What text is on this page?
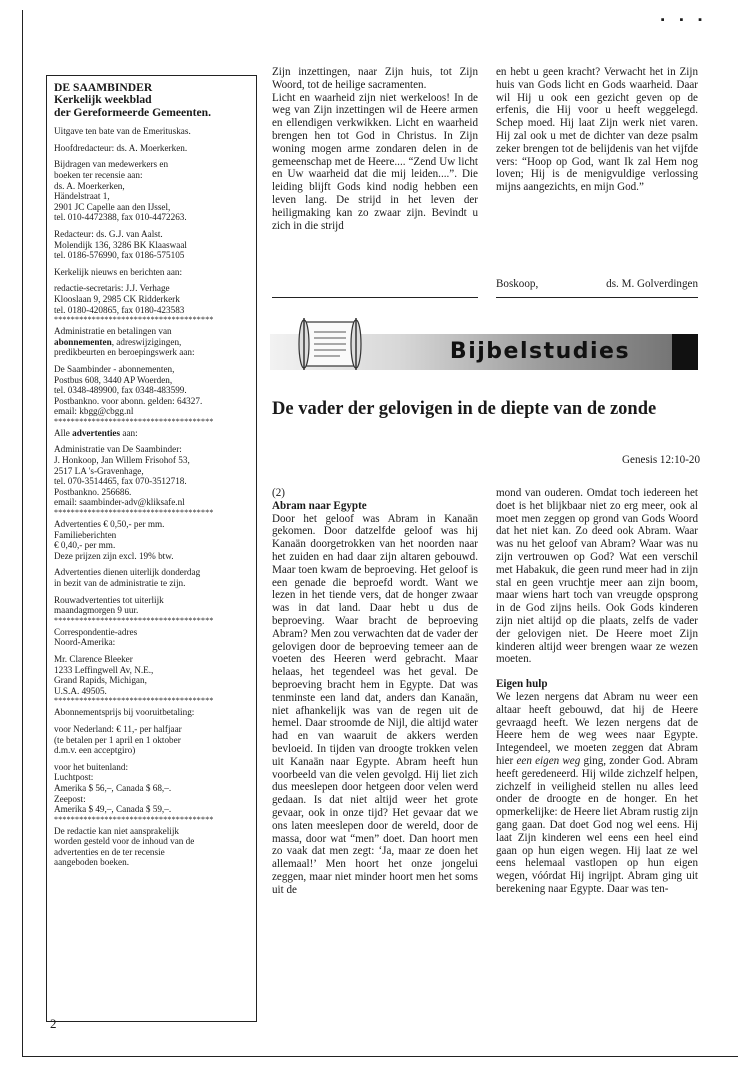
▪ ▪ ▪
DE SAAMBINDER
Kerkelijk weekblad
der Gereformeerde Gemeenten.

Uitgave ten bate van de Emerituskas.

Hoofdredacteur: ds. A. Moerkerken.

Bijdragen van medewerkers en
boeken ter recensie aan:
ds. A. Moerkerken,
Händelstraat 1,
2901 JC Capelle aan den IJssel,
tel. 010-4472388, fax 010-4472263.

Redacteur: ds. G.J. van Aalst.
Molendijk 136, 3286 BK Klaaswaal
tel. 0186-576990, fax 0186-575105

Kerkelijk nieuws en berichten aan:

redactie-secretaris: J.J. Verhage
Klooslaan 9, 2985 CK Ridderkerk
tel. 0180-420865, fax 0180-423583

**************************************

Administratie en betalingen van
abonnementen, adreswijzigingen,
predikbeurten en beroepingswerk aan:

De Saambinder - abonnementen,
Postbus 608, 3440 AP Woerden,
tel. 0348-489900, fax 0348-483599.
Postbankno. voor abonn. gelden: 64327.
email: kbgg@cbgg.nl

**************************************

Alle advertenties aan:

Administratie van De Saambinder:
J. Honkoop, Jan Willem Frisohof 53,
2517 LA 's-Gravenhage,
tel. 070-3514465, fax 070-3512718.
Postbankno. 256686.
email: saambinder-adv@kliksafe.nl

**************************************

Advertenties € 0,50,- per mm.
Familieberichten
€ 0,40,- per mm.
Deze prijzen zijn excl. 19% btw.

Advertenties dienen uiterlijk donderdag
in bezit van de administratie te zijn.

Rouwadvertenties tot uiterlijk
maandagmorgen 9 uur.

**************************************

Correspondentie-adres
Noord-Amerika:

Mr. Clarence Bleeker
1233 Leffingwell Av, N.E.,
Grand Rapids, Michigan,
U.S.A. 49505.

**************************************

Abonnementsprijs bij vooruitbetaling:

voor Nederland: € 11,- per halfjaar
(te betalen per 1 april en 1 oktober
d.m.v. een acceptgiro)

voor het buitenland:
Luchtpost:
Amerika $ 56,–, Canada $ 68,–.
Zeepost:
Amerika $ 49,–, Canada $ 59,–.

**************************************

De redactie kan niet aansprakelijk
worden gesteld voor de inhoud van de
advertenties en de ter recensie
aangeboden boeken.

Zijn inzettingen, naar Zijn huis, tot Zijn Woord, tot de heilige sacramenten.

Licht en waarheid zijn niet werkeloos! In de weg van Zijn inzettingen wil de Heere armen en ellendigen verkwikken. Licht en waarheid brengen hen tot God in Christus. In Zijn woning mogen arme zondaren delen in de gemeenschap met de Heere.... “Zend Uw licht en Uw waarheid dat die mij leiden....”. Die leiding blijft Gods kind nodig hebben een leven lang. De strijd in het leven der heiligmaking kan zo zwaar zijn. Bevindt u zich in die strijd

en hebt u geen kracht? Verwacht het in Zijn huis van Gods licht en Gods waarheid. Daar wil Hij u ook een gezicht geven op de erfenis, die Hij voor u heeft weggelegd. Schep moed. Hij laat Zijn werk niet varen. Hij zal ook u met de dichter van deze psalm zeker brengen tot de belijdenis van het vijfde vers: “Hoop op God, want Ik zal Hem nog loven; Hij is de menigvuldige verlossing mijns aangezichts, en mijn God.”

Boskoop,	ds. M. Golverdingen
Bijbelstudies
De vader der gelovigen in de diepte van de zonde
Genesis 12:10-20

(2)

Abram naar Egypte

Door het geloof was Abram in Kanaän gekomen. Door datzelfde geloof was hij Kanaän doorgetrokken van het noorden naar het zuiden en had daar zijn altaren gebouwd. Maar toen kwam de beproeving. Het geloof is een genade die beproefd wordt. Want we lezen in het tiende vers, dat de honger zwaar was in dat land. Daar hebt u dus de beproeving. Waar bracht de beproeving Abram? Men zou verwachten dat de vader der gelovigen door de beproeving temeer aan de voeten des Heeren werd gebracht. Maar helaas, het tegendeel was het geval. De beproeving bracht hem in Egypte. Dat was tenminste een land dat, anders dan Kanaän, niet afhankelijk was van de regen uit de hemel. Daar stroomde de Nijl, die altijd water had en van waaruit de akkers werden bevloeid. In tijden van droogte trokken velen uit Kanaän naar Egypte. Abram heeft hun voorbeeld van die velen gevolgd. Hij liet zich dus meeslepen door hetgeen door velen werd gedaan. Is dat niet altijd weer het grote gevaar, ook in onze tijd? Het gevaar dat we ons laten meeslepen door de wereld, door de massa, door wat “men” doet. Dan hoort men zo vaak dat men zegt: ‘Ja, maar ze doen het allemaal!’ Men hoort het onze jongelui zeggen, maar niet minder hoort men het soms uit de

mond van ouderen. Omdat toch iedereen het doet is het blijkbaar niet zo erg meer, ook al moet men zeggen op grond van Gods Woord dat het niet kan. Zo deed ook Abram. Waar was nu het geloof van Abram? Waar was nu zijn vertrouwen op God? Wat een verschil met Habakuk, die geen rund meer had in zijn stal en geen vruchtje meer aan zijn boom, maar wiens hart toch van vreugde opsprong in de God zijns heils. Ook Gods kinderen zijn niet altijd op die plaats, zelfs de vader der gelovigen niet. De Heere moet Zijn kinderen altijd weer brengen waar ze wezen moeten.

Eigen hulp

We lezen nergens dat Abram nu weer een altaar heeft gebouwd, dat hij de Heere gevraagd heeft. We lezen nergens dat de Heere hem de weg wees naar Egypte. Integendeel, we moeten zeggen dat Abram hier een eigen weg ging, zonder God. Abram heeft geredeneerd. Hij wilde zichzelf helpen, zichzelf in veiligheid stellen nu alles leed onder de droogte en de honger. En het opmerkelijke: de Heere liet Abram rustig zijn gang gaan. Dat doet God nog wel eens. Hij laat Zijn kinderen wel eens een heel eind gaan op hun eigen wegen. Hij laat ze wel eens helemaal vastlopen op hun eigen wegen, vóórdat Hij ingrijpt. Abram ging uit berekening naar Egypte. Daar was ten-

2
